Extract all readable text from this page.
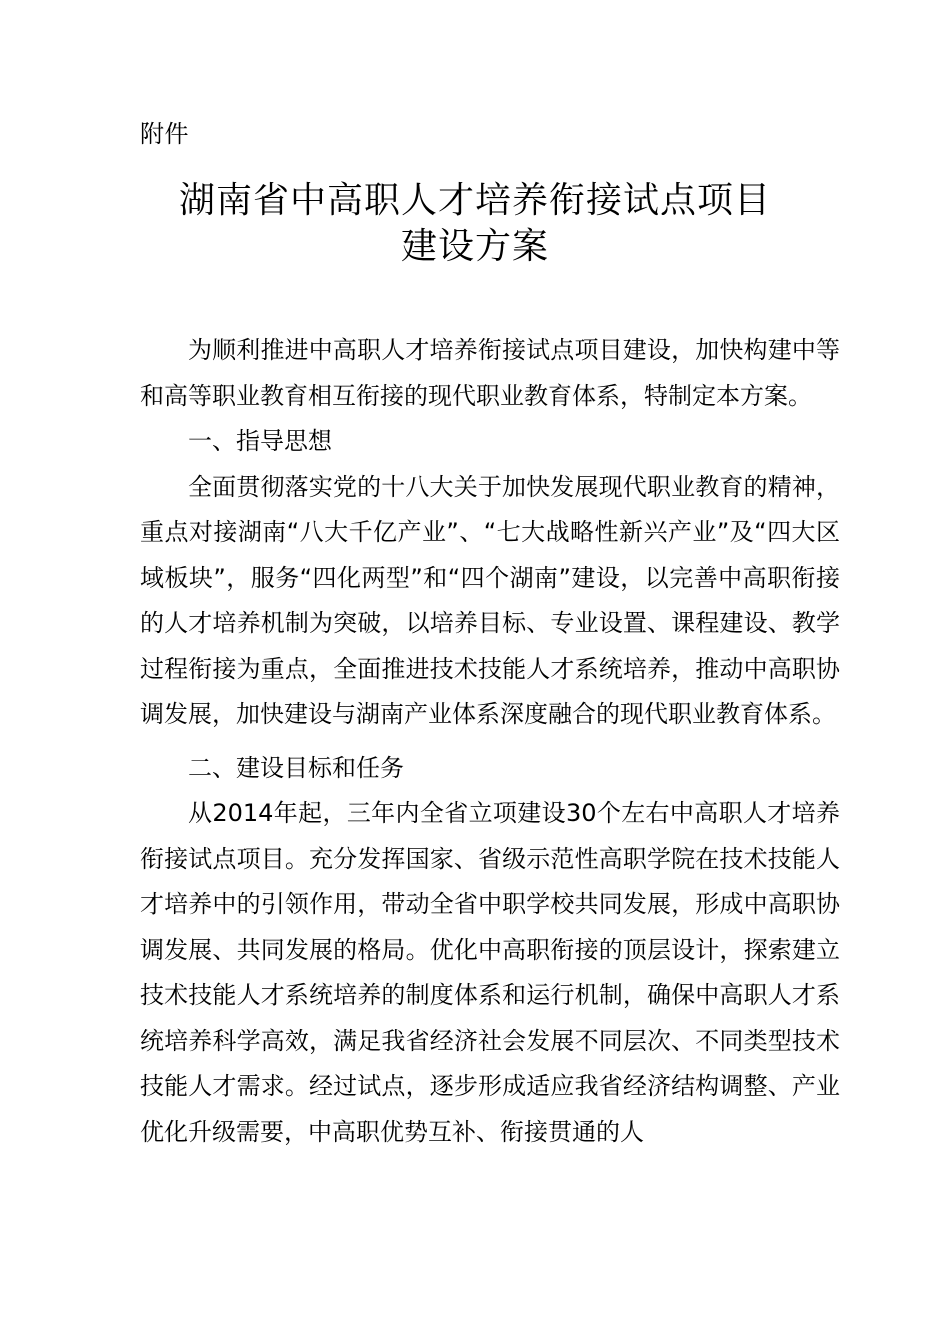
附件
湖南省中高职人才培养衔接试点项目
建设方案

为顺利推进中高职人才培养衔接试点项目建设，加快构建中等和高等职业教育相互衔接的现代职业教育体系，特制定本方案。

一、指导思想

全面贯彻落实党的十八大关于加快发展现代职业教育的精神，重点对接湖南“八大千亿产业”、“七大战略性新兴产业”及“四大区域板块”，服务“四化两型”和“四个湖南”建设，以完善中高职衔接的人才培养机制为突破，以培养目标、专业设置、课程建设、教学过程衔接为重点，全面推进技术技能人才系统培养，推动中高职协调发展，加快建设与湖南产业体系深度融合的现代职业教育体系。

二、建设目标和任务

从2014年起，三年内全省立项建设30个左右中高职人才培养衔接试点项目。充分发挥国家、省级示范性高职学院在技术技能人才培养中的引领作用，带动全省中职学校共同发展，形成中高职协调发展、共同发展的格局。优化中高职衔接的顶层设计，探索建立技术技能人才系统培养的制度体系和运行机制，确保中高职人才系统培养科学高效，满足我省经济社会发展不同层次、不同类型技术技能人才需求。经过试点，逐步形成适应我省经济结构调整、产业优化升级需要，中高职优势互补、衔接贯通的人
